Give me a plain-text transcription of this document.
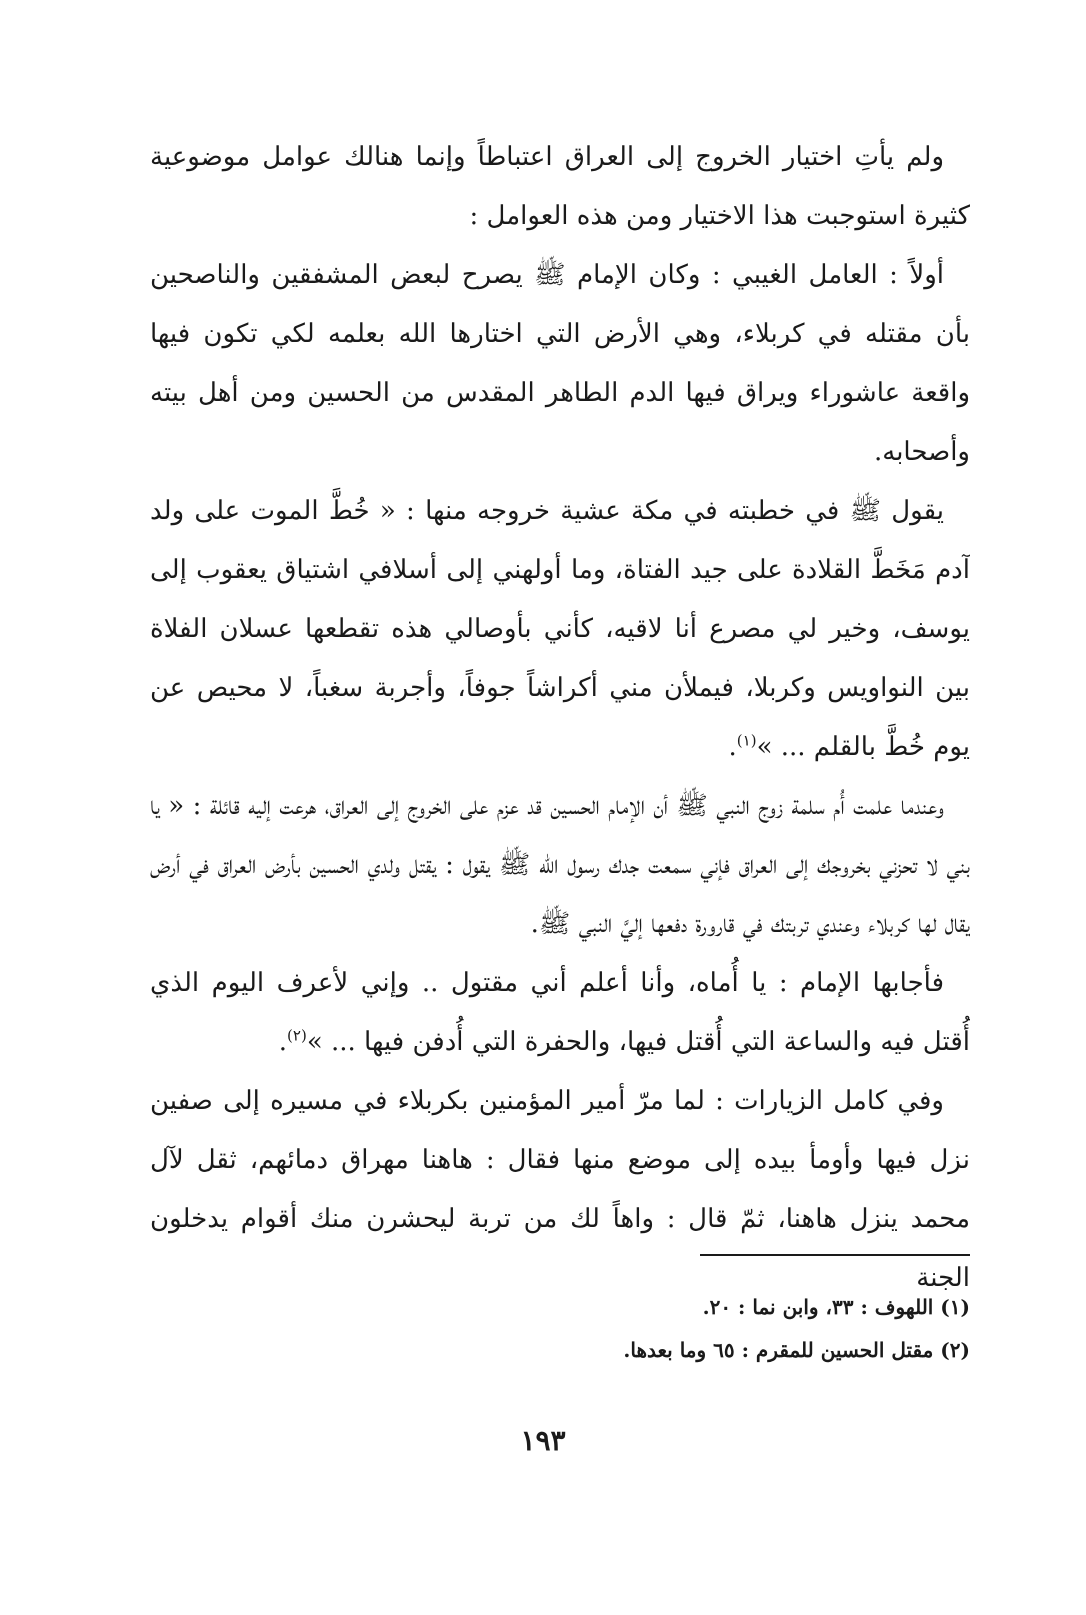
ولم يأتِ اختيار الخروج إلى العراق اعتباطاً وإنما هنالك عوامل موضوعية كثيرة استوجبت هذا الاختيار ومن هذه العوامل :

أولاً : العامل الغيبي : وكان الإمام ﷺ يصرح لبعض المشفقين والناصحين بأن مقتله في كربلاء، وهي الأرض التي اختارها الله بعلمه لكي تكون فيها واقعة عاشوراء ويراق فيها الدم الطاهر المقدس من الحسين ومن أهل بيته وأصحابه.

يقول ﷺ في خطبته في مكة عشية خروجه منها : « خُطَّ الموت على ولد آدم مَخَطَّ القلادة على جيد الفتاة، وما أولهني إلى أسلافي اشتياق يعقوب إلى يوسف، وخير لي مصرع أنا لاقيه، كأني بأوصالي هذه تقطعها عسلان الفلاة بين النواويس وكربلا، فيملأن مني أكراشاً جوفاً، وأجربة سغباً، لا محيص عن يوم خُطَّ بالقلم ... »$^{(١)}$.

وعندما علمت أُم سلمة زوج النبي ﷺ أن الإمام الحسين قد عزم على الخروج إلى العراق، هرعت إليه قائلة : « يا بني لا تحزني بخروجك إلى العراق فإني سمعت جدك رسول الله ﷺ يقول : يقتل ولدي الحسين بأرض العراق في أرض يقال لها كربلاء وعندي تربتك في قارورة دفعها إليَّ النبي ﷺ.

فأجابها الإمام : يا أُماه، وأنا أعلم أني مقتول .. وإني لأعرف اليوم الذي أُقتل فيه والساعة التي أُقتل فيها، والحفرة التي أُدفن فيها ... »$^{(٢)}$.

وفي كامل الزيارات : لما مرّ أمير المؤمنين بكربلاء في مسيره إلى صفين نزل فيها وأومأ بيده إلى موضع منها فقال : هاهنا مهراق دمائهم، ثقل لآل محمد ينزل هاهنا، ثمّ قال : واهاً لك من تربة ليحشرن منك أقوام يدخلون الجنة

(١) اللهوف : ٣٣، وابن نما : ٢٠.

(٢) مقتل الحسين للمقرم : ٦٥ وما بعدها.

١٩٣
